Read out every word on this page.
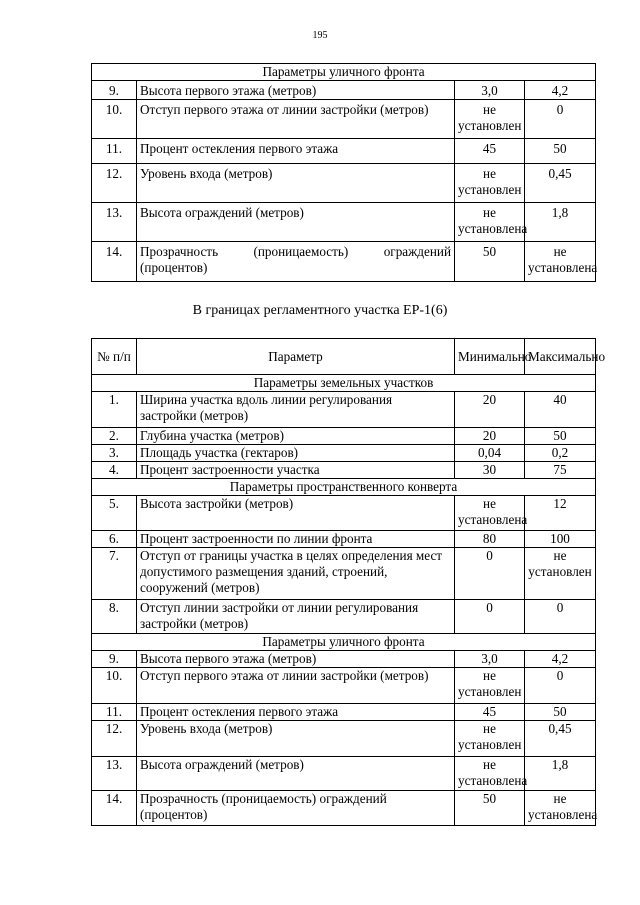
195
Параметры уличного фронта			
9.	Высота первого этажа (метров)	3,0	4,2
10.	Отступ первого этажа от линии застройки (метров)	не установлен	0
11.	Процент остекления первого этажа	45	50
12.	Уровень входа (метров)	не установлен	0,45
13.	Высота ограждений (метров)	не установлена	1,8
14.	Прозрачность (проницаемость) ограждений (процентов)	50	не установлена
В границах регламентного участка ЕР-1(6)
№ п/п	Параметр	Минимально	Максимально
Параметры земельных участков			
1.	Ширина участка вдоль линии регулирования застройки (метров)	20	40
2.	Глубина участка (метров)	20	50
3.	Площадь участка (гектаров)	0,04	0,2
4.	Процент застроенности участка	30	75
Параметры пространственного конверта			
5.	Высота застройки (метров)	не установлена	12
6.	Процент застроенности по линии фронта	80	100
7.	Отступ от границы участка в целях определения мест допустимого размещения зданий, строений, сооружений (метров)	0	не установлен
8.	Отступ линии застройки от линии регулирования застройки (метров)	0	0
Параметры уличного фронта			
9.	Высота первого этажа (метров)	3,0	4,2
10.	Отступ первого этажа от линии застройки (метров)	не установлен	0
11.	Процент остекления первого этажа	45	50
12.	Уровень входа (метров)	не установлен	0,45
13.	Высота ограждений (метров)	не установлена	1,8
14.	Прозрачность (проницаемость) ограждений (процентов)	50	не установлена
